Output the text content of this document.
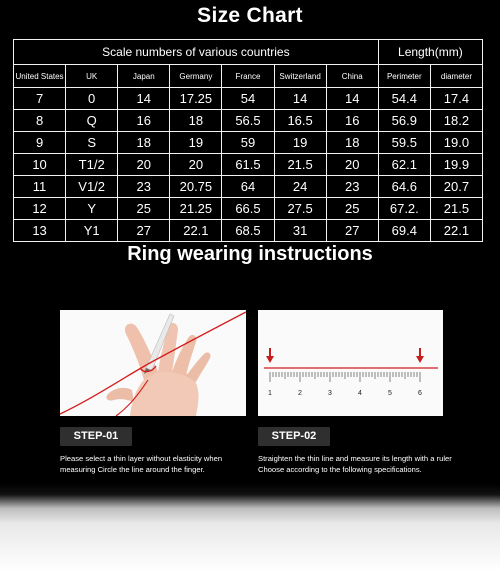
Size Chart
Scale numbers of various countries							Length(mm)	
United States	UK	Japan	Germany	France	Switzerland	China	Perimeter	diameter
7	0	14	17.25	54	14	14	54.4	17.4
8	Q	16	18	56.5	16.5	16	56.9	18.2
9	S	18	19	59	19	18	59.5	19.0
10	T1/2	20	20	61.5	21.5	20	62.1	19.9
11	V1/2	23	20.75	64	24	23	64.6	20.7
12	Y	25	21.25	66.5	27.5	25	67.2.	21.5
13	Y1	27	22.1	68.5	31	27	69.4	22.1
Ring wearing instructions
1	2	3	4	5	6
STEP-01	STEP-02
Please select a thin layer without elasticity when measuring Circle the line around the finger.
Straighten the thin line and measure its length with a ruler Choose according to the following specifications.
